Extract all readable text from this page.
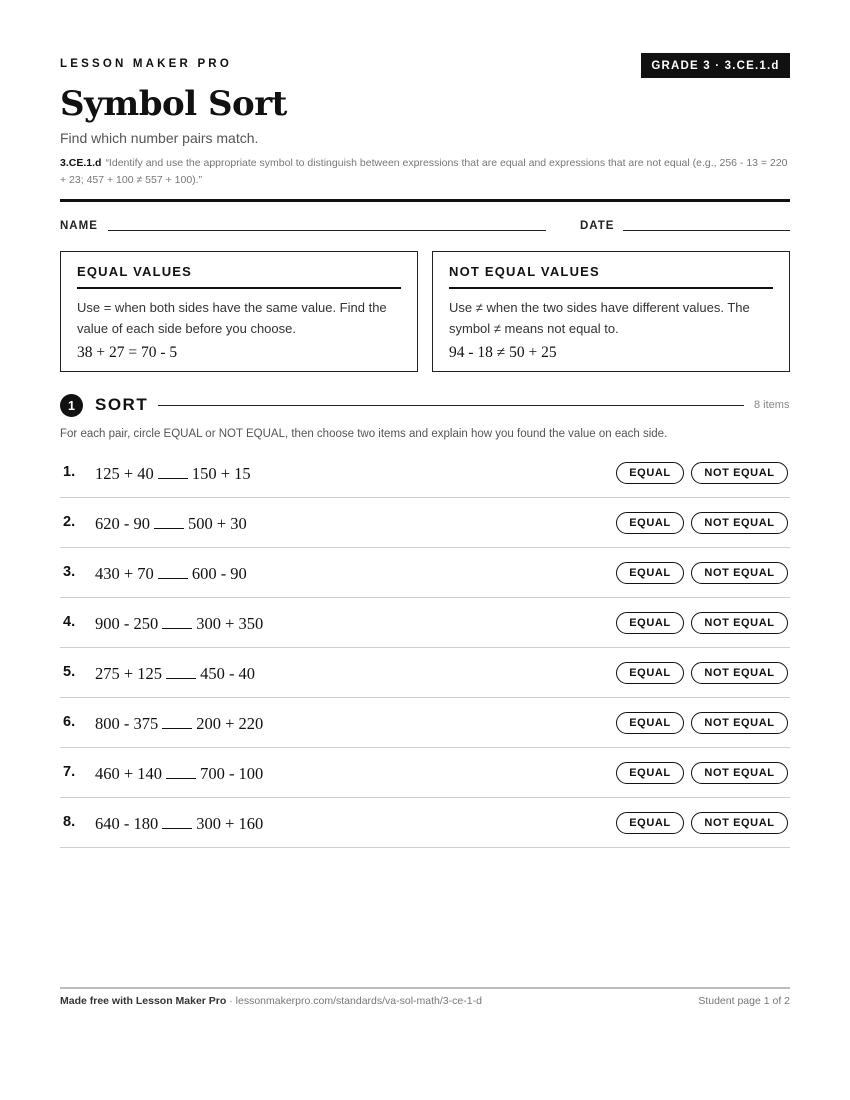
LESSON MAKER PRO	GRADE 3 · 3.CE.1.d
Symbol Sort
Find which number pairs match.
3.CE.1.d “Identify and use the appropriate symbol to distinguish between expressions that are equal and expressions that are not equal (e.g., 256 - 13 = 220 + 23; 457 + 100 ≠ 557 + 100).”
NAME	DATE
EQUAL VALUES

Use = when both sides have the same value. Find the value of each side before you choose.

38 + 27 = 70 - 5
NOT EQUAL VALUES

Use ≠ when the two sides have different values. The symbol ≠ means not equal to.

94 - 18 ≠ 50 + 25
1	SORT	8 items
For each pair, circle EQUAL or NOT EQUAL, then choose two items and explain how you found the value on each side.
1. 125 + 40 150 + 15	EQUAL	NOT EQUAL
2. 620 - 90 500 + 30	EQUAL	NOT EQUAL
3. 430 + 70 600 - 90	EQUAL	NOT EQUAL
4. 900 - 250 300 + 350	EQUAL	NOT EQUAL
5. 275 + 125 450 - 40	EQUAL	NOT EQUAL
6. 800 - 375 200 + 220	EQUAL	NOT EQUAL
7. 460 + 140 700 - 100	EQUAL	NOT EQUAL
8. 640 - 180 300 + 160	EQUAL	NOT EQUAL
Made free with Lesson Maker Pro · lessonmakerpro.com/standards/va-sol-math/3-ce-1-d	Student page 1 of 2
